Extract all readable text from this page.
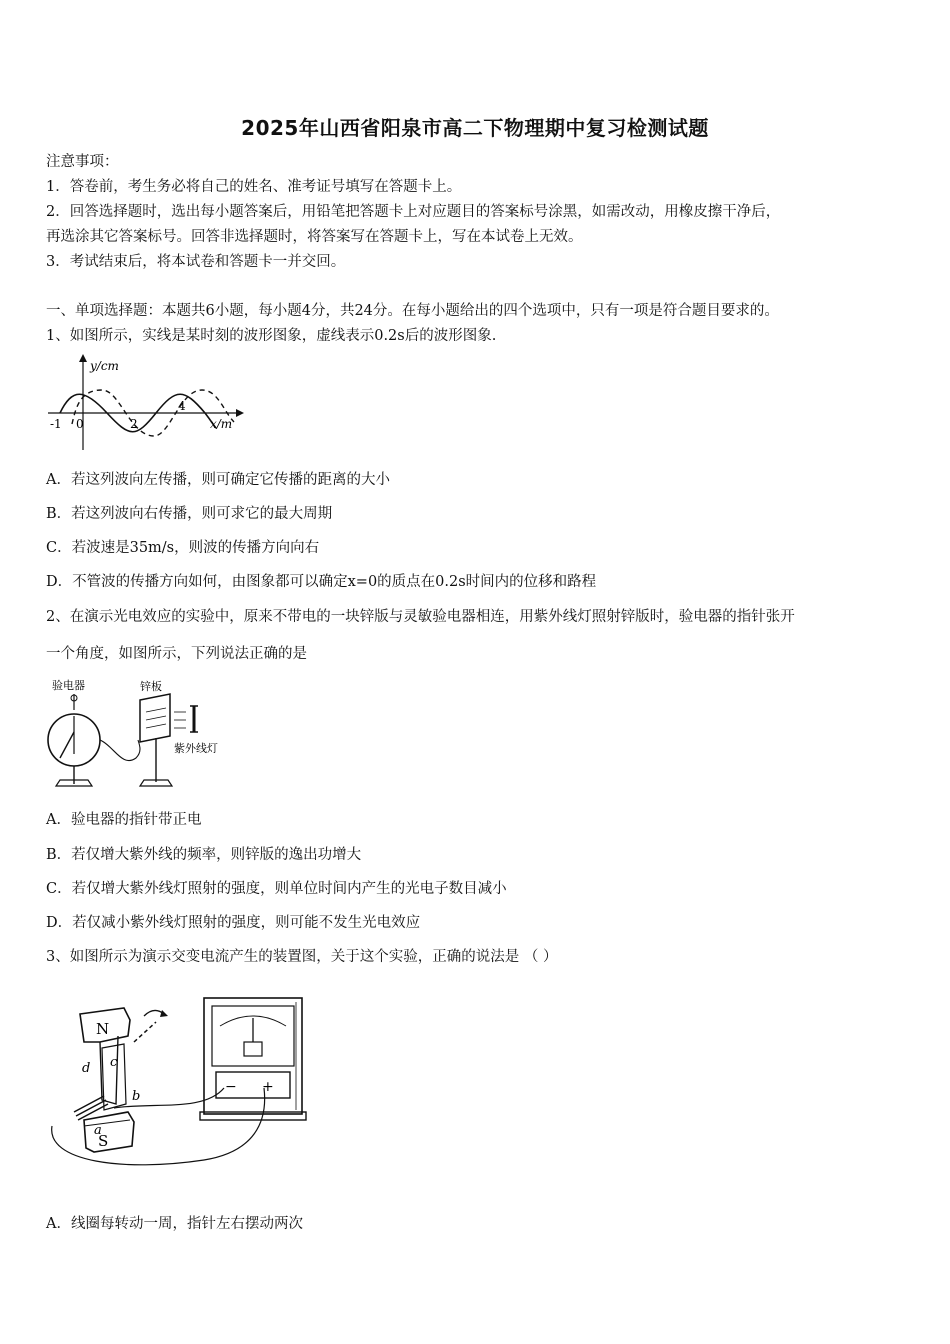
2025年山西省阳泉市高二下物理期中复习检测试题
注意事项：
1．答卷前，考生务必将自己的姓名、准考证号填写在答题卡上。
2．回答选择题时，选出每小题答案后，用铅笔把答题卡上对应题目的答案标号涂黑，如需改动，用橡皮擦干净后，
再选涂其它答案标号。回答非选择题时，将答案写在答题卡上，写在本试卷上无效。
3．考试结束后，将本试卷和答题卡一并交回。
一、单项选择题：本题共6小题，每小题4分，共24分。在每小题给出的四个选项中，只有一项是符合题目要求的。
1、如图所示，实线是某时刻的波形图象，虚线表示0.2s后的波形图象.
y/cm
x/m
-1 0	2
4
A．若这列波向左传播，则可确定它传播的距离的大小
B．若这列波向右传播，则可求它的最大周期
C．若波速是35m/s，则波的传播方向向右
D．不管波的传播方向如何，由图象都可以确定x=0的质点在0.2s时间内的位移和路程
2、在演示光电效应的实验中，原来不带电的一块锌版与灵敏验电器相连，用紫外线灯照射锌版时，验电器的指针张开
一个角度，如图所示，下列说法正确的是
验电器	锌板
紫外线灯
A．验电器的指针带正电
B．若仅增大紫外线的频率，则锌版的逸出功增大
C．若仅增大紫外线灯照射的强度，则单位时间内产生的光电子数目减小
D．若仅减小紫外线灯照射的强度，则可能不发生光电效应
3、如图所示为演示交变电流产生的装置图，关于这个实验，正确的说法是 （ ）
N
S
a
b
c
d
− +
A．线圈每转动一周，指针左右摆动两次
